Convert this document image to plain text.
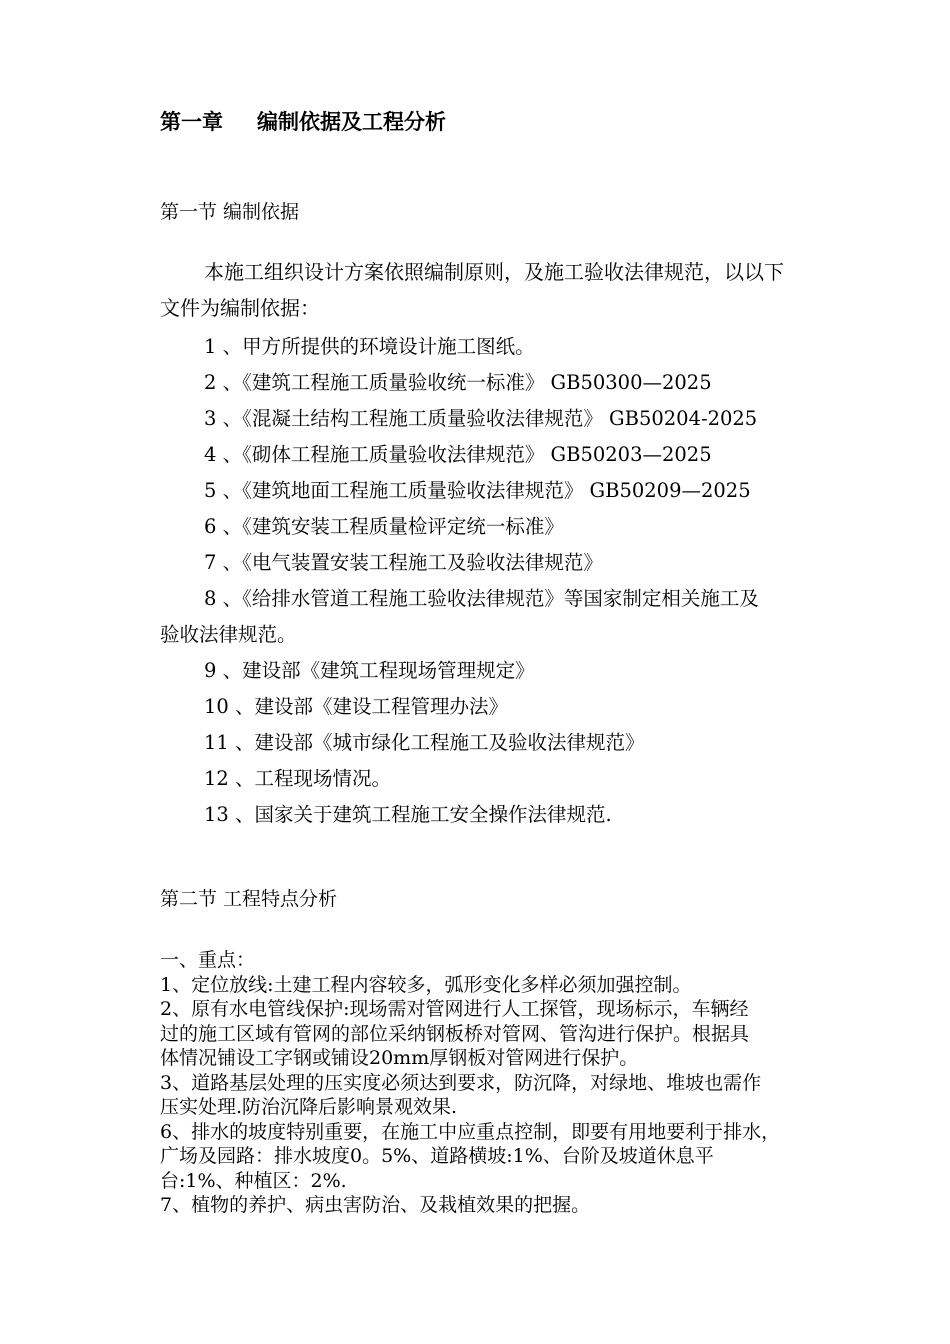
第一章 编制依据及工程分析
第一节 编制依据
本施工组织设计方案依照编制原则，及施工验收法律规范，以以下
文件为编制依据：
1 、甲方所提供的环境设计施工图纸。
2 、《建筑工程施工质量验收统一标准》 GB50300—2025
3 、《混凝土结构工程施工质量验收法律规范》 GB50204-2025
4 、《砌体工程施工质量验收法律规范》 GB50203—2025
5 、《建筑地面工程施工质量验收法律规范》 GB50209—2025
6 、《建筑安装工程质量检评定统一标准》
7 、《电气装置安装工程施工及验收法律规范》
8 、《给排水管道工程施工验收法律规范》等国家制定相关施工及
验收法律规范。
9 、建设部《建筑工程现场管理规定》
10 、建设部《建设工程管理办法》
11 、建设部《城市绿化工程施工及验收法律规范》
12 、工程现场情况。
13 、国家关于建筑工程施工安全操作法律规范.
第二节 工程特点分析
一、重点：
1、定位放线:土建工程内容较多，弧形变化多样必须加强控制。
2、原有水电管线保护:现场需对管网进行人工探管，现场标示，车辆经
过的施工区域有管网的部位采纳钢板桥对管网、管沟进行保护。根据具
体情况铺设工字钢或铺设20mm厚钢板对管网进行保护。
3、道路基层处理的压实度必须达到要求，防沉降，对绿地、堆坡也需作
压实处理.防治沉降后影响景观效果.
6、排水的坡度特别重要，在施工中应重点控制，即要有用地要利于排水，
广场及园路：排水坡度0。5%、道路横坡:1%、台阶及坡道休息平
台:1%、种植区：2%.
7、植物的养护、病虫害防治、及栽植效果的把握。
